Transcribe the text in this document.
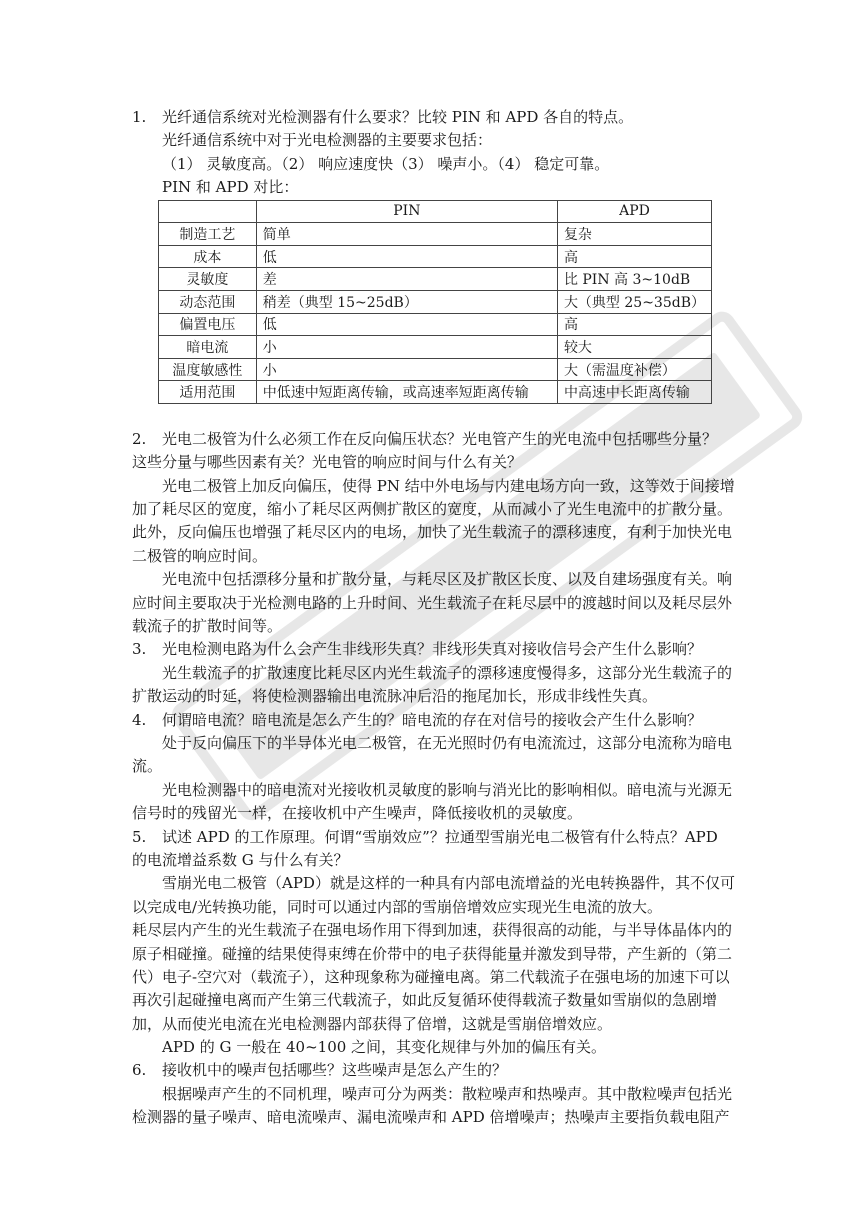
1.	光纤通信系统对光检测器有什么要求？比较 PIN 和 APD 各自的特点。
光纤通信系统中对于光电检测器的主要要求包括：
（1） 灵敏度高。（2） 响应速度快（3） 噪声小。（4） 稳定可靠。
PIN 和 APD 对比：
	PIN	APD
制造工艺	简单	复杂
成本	低	高
灵敏度	差	比 PIN 高 3~10dB
动态范围	稍差（典型 15~25dB）	大（典型 25~35dB）
偏置电压	低	高
暗电流	小	较大
温度敏感性	小	大（需温度补偿）
适用范围	中低速中短距离传输，或高速率短距离传输	中高速中长距离传输
2.	光电二极管为什么必须工作在反向偏压状态？光电管产生的光电流中包括哪些分量？
这些分量与哪些因素有关？光电管的响应时间与什么有关？
光电二极管上加反向偏压，使得 PN 结中外电场与内建电场方向一致，这等效于间接增
加了耗尽区的宽度，缩小了耗尽区两侧扩散区的宽度，从而减小了光生电流中的扩散分量。
此外，反向偏压也增强了耗尽区内的电场，加快了光生载流子的漂移速度，有利于加快光电
二极管的响应时间。
光电流中包括漂移分量和扩散分量，与耗尽区及扩散区长度、以及自建场强度有关。响
应时间主要取决于光检测电路的上升时间、光生载流子在耗尽层中的渡越时间以及耗尽层外
载流子的扩散时间等。
3.	光电检测电路为什么会产生非线形失真？非线形失真对接收信号会产生什么影响？
光生载流子的扩散速度比耗尽区内光生载流子的漂移速度慢得多，这部分光生载流子的
扩散运动的时延，将使检测器输出电流脉冲后沿的拖尾加长，形成非线性失真。
4.	何谓暗电流？暗电流是怎么产生的？暗电流的存在对信号的接收会产生什么影响？
处于反向偏压下的半导体光电二极管，在无光照时仍有电流流过，这部分电流称为暗电
流。
光电检测器中的暗电流对光接收机灵敏度的影响与消光比的影响相似。暗电流与光源无
信号时的残留光一样，在接收机中产生噪声，降低接收机的灵敏度。
5.	试述 APD 的工作原理。何谓“雪崩效应”？拉通型雪崩光电二极管有什么特点？APD
的电流增益系数 G 与什么有关？
雪崩光电二极管（APD）就是这样的一种具有内部电流增益的光电转换器件，其不仅可
以完成电/光转换功能，同时可以通过内部的雪崩倍增效应实现光生电流的放大。
耗尽层内产生的光生载流子在强电场作用下得到加速，获得很高的动能，与半导体晶体内的
原子相碰撞。碰撞的结果使得束缚在价带中的电子获得能量并激发到导带，产生新的（第二
代）电子-空穴对（载流子），这种现象称为碰撞电离。第二代载流子在强电场的加速下可以
再次引起碰撞电离而产生第三代载流子，如此反复循环使得载流子数量如雪崩似的急剧增
加，从而使光电流在光电检测器内部获得了倍增，这就是雪崩倍增效应。
APD 的 G 一般在 40~100 之间，其变化规律与外加的偏压有关。
6.	接收机中的噪声包括哪些？这些噪声是怎么产生的？
根据噪声产生的不同机理，噪声可分为两类：散粒噪声和热噪声。其中散粒噪声包括光
检测器的量子噪声、暗电流噪声、漏电流噪声和 APD 倍增噪声；热噪声主要指负载电阻产
